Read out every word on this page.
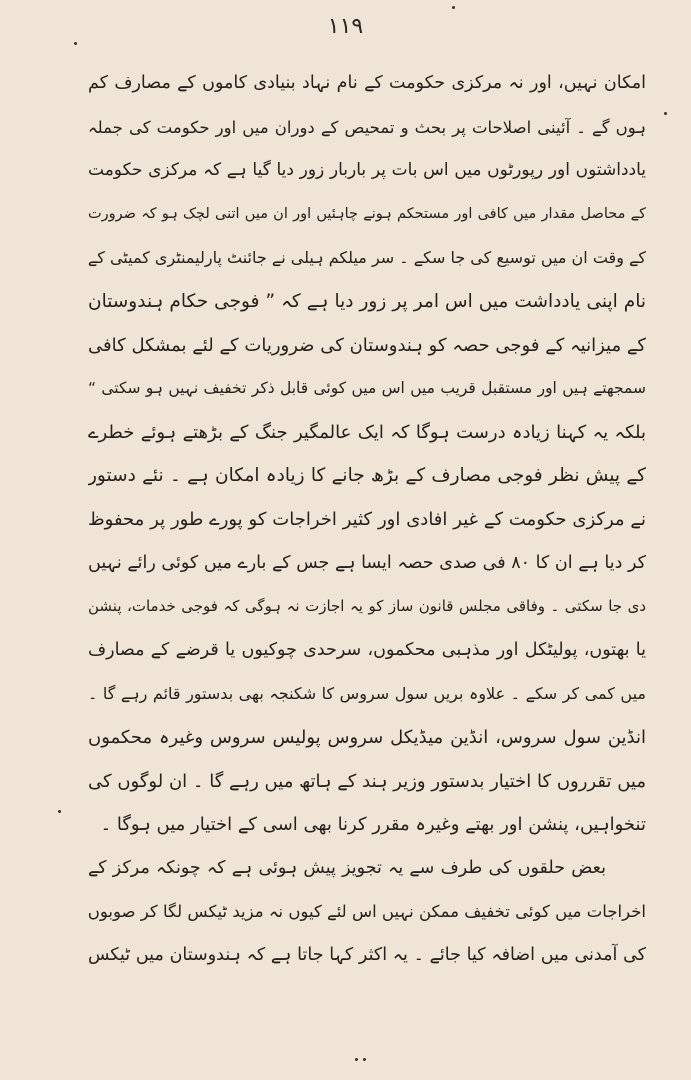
۱۱۹
امکان نہیں، اور نہ مرکزی حکومت کے نام نہاد بنیادی کاموں کے مصارف کم
ہوں گے ۔ آئینی اصلاحات پر بحث و تمحیص کے دوران میں اور حکومت کی جملہ
یادداشتوں اور رپورٹوں میں اس بات پر باربار زور دیا گیا ہے کہ مرکزی حکومت
کے محاصل مقدار میں کافی اور مستحکم ہونے چاہئیں اور ان میں اتنی لچک ہو کہ ضرورت
کے وقت ان میں توسیع کی جا سکے ۔ سر میلکم ہیلی نے جائنٹ پارلیمنٹری کمیٹی کے
نام اپنی یادداشت میں اس امر پر زور دیا ہے کہ ” فوجی حکام ہندوستان
کے میزانیہ کے فوجی حصہ کو ہندوستان کی ضروریات کے لئے بمشکل کافی
سمجھتے ہیں اور مستقبل قریب میں اس میں کوئی قابل ذکر تخفیف نہیں ہو سکتی “
بلکہ یہ کہنا زیادہ درست ہوگا کہ ایک عالمگیر جنگ کے بڑھتے ہوئے خطرے
کے پیش نظر فوجی مصارف کے بڑھ جانے کا زیادہ امکان ہے ۔ نئے دستور
نے مرکزی حکومت کے غیر افادی اور کثیر اخراجات کو پورے طور پر محفوظ
کر دیا ہے ان کا ۸۰ فی صدی حصہ ایسا ہے جس کے بارے میں کوئی رائے نہیں
دی جا سکتی ۔ وفاقی مجلس قانون ساز کو یہ اجازت نہ ہوگی کہ فوجی خدمات، پنشن
یا بھتوں، پولیٹکل اور مذہبی محکموں، سرحدی چوکیوں یا قرضے کے مصارف
میں کمی کر سکے ۔ علاوہ بریں سول سروس کا شکنجہ بھی بدستور قائم رہے گا ۔
انڈین سول سروس، انڈین میڈیکل سروس پولیس سروس وغیرہ محکموں
میں تقرروں کا اختیار بدستور وزیر ہند کے ہاتھ میں رہے گا ۔ ان لوگوں کی
تنخواہیں، پنشن اور بھتے وغیرہ مقرر کرنا بھی اسی کے اختیار میں ہوگا ۔
بعض حلقوں کی طرف سے یہ تجویز پیش ہوئی ہے کہ چونکہ مرکز کے
اخراجات میں کوئی تخفیف ممکن نہیں اس لئے کیوں نہ مزید ٹیکس لگا کر صوبوں
کی آمدنی میں اضافہ کیا جائے ۔ یہ اکثر کہا جاتا ہے کہ ہندوستان میں ٹیکس
